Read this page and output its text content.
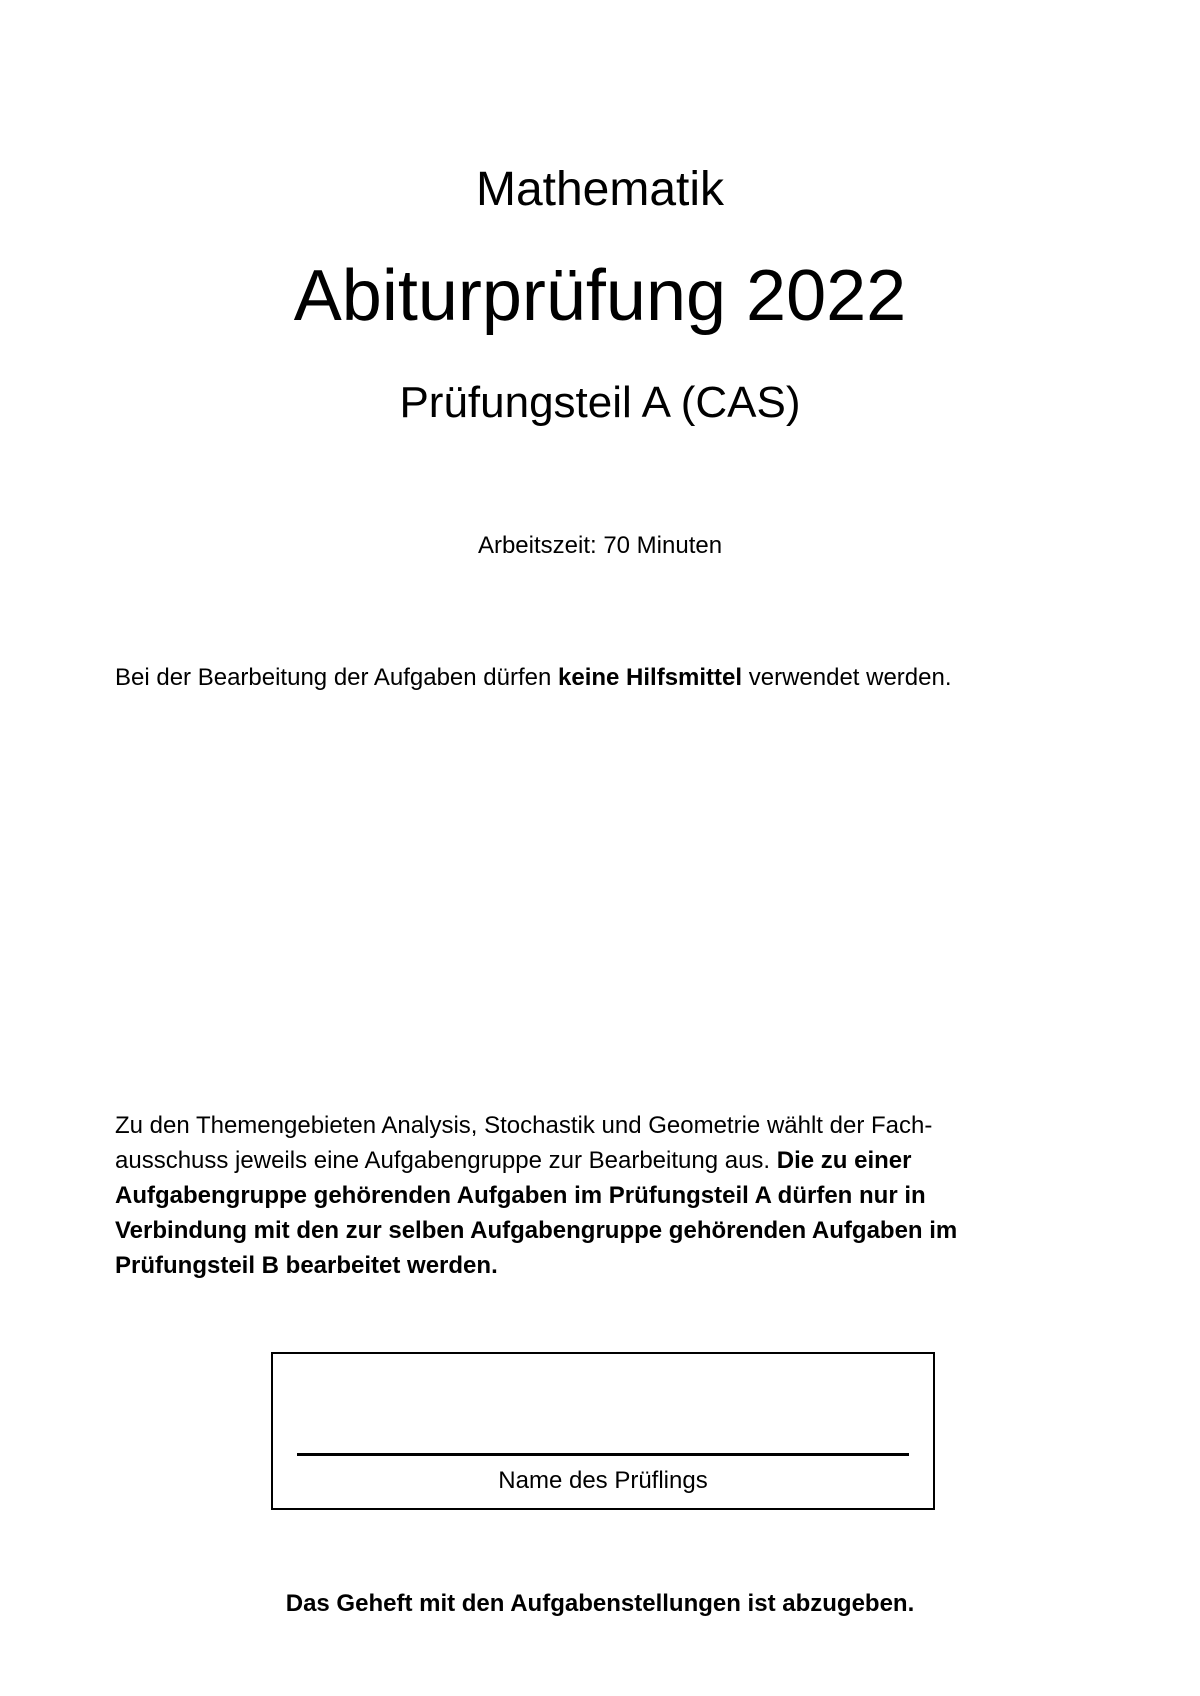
Mathematik
Abiturprüfung 2022
Prüfungsteil A (CAS)
Arbeitszeit: 70 Minuten
Bei der Bearbeitung der Aufgaben dürfen keine Hilfsmittel verwendet werden.
Zu den Themengebieten Analysis, Stochastik und Geometrie wählt der Fach-
ausschuss jeweils eine Aufgabengruppe zur Bearbeitung aus. Die zu einer
Aufgabengruppe gehörenden Aufgaben im Prüfungsteil A dürfen nur in
Verbindung mit den zur selben Aufgabengruppe gehörenden Aufgaben im
Prüfungsteil B bearbeitet werden.
Name des Prüflings
Das Geheft mit den Aufgabenstellungen ist abzugeben.
